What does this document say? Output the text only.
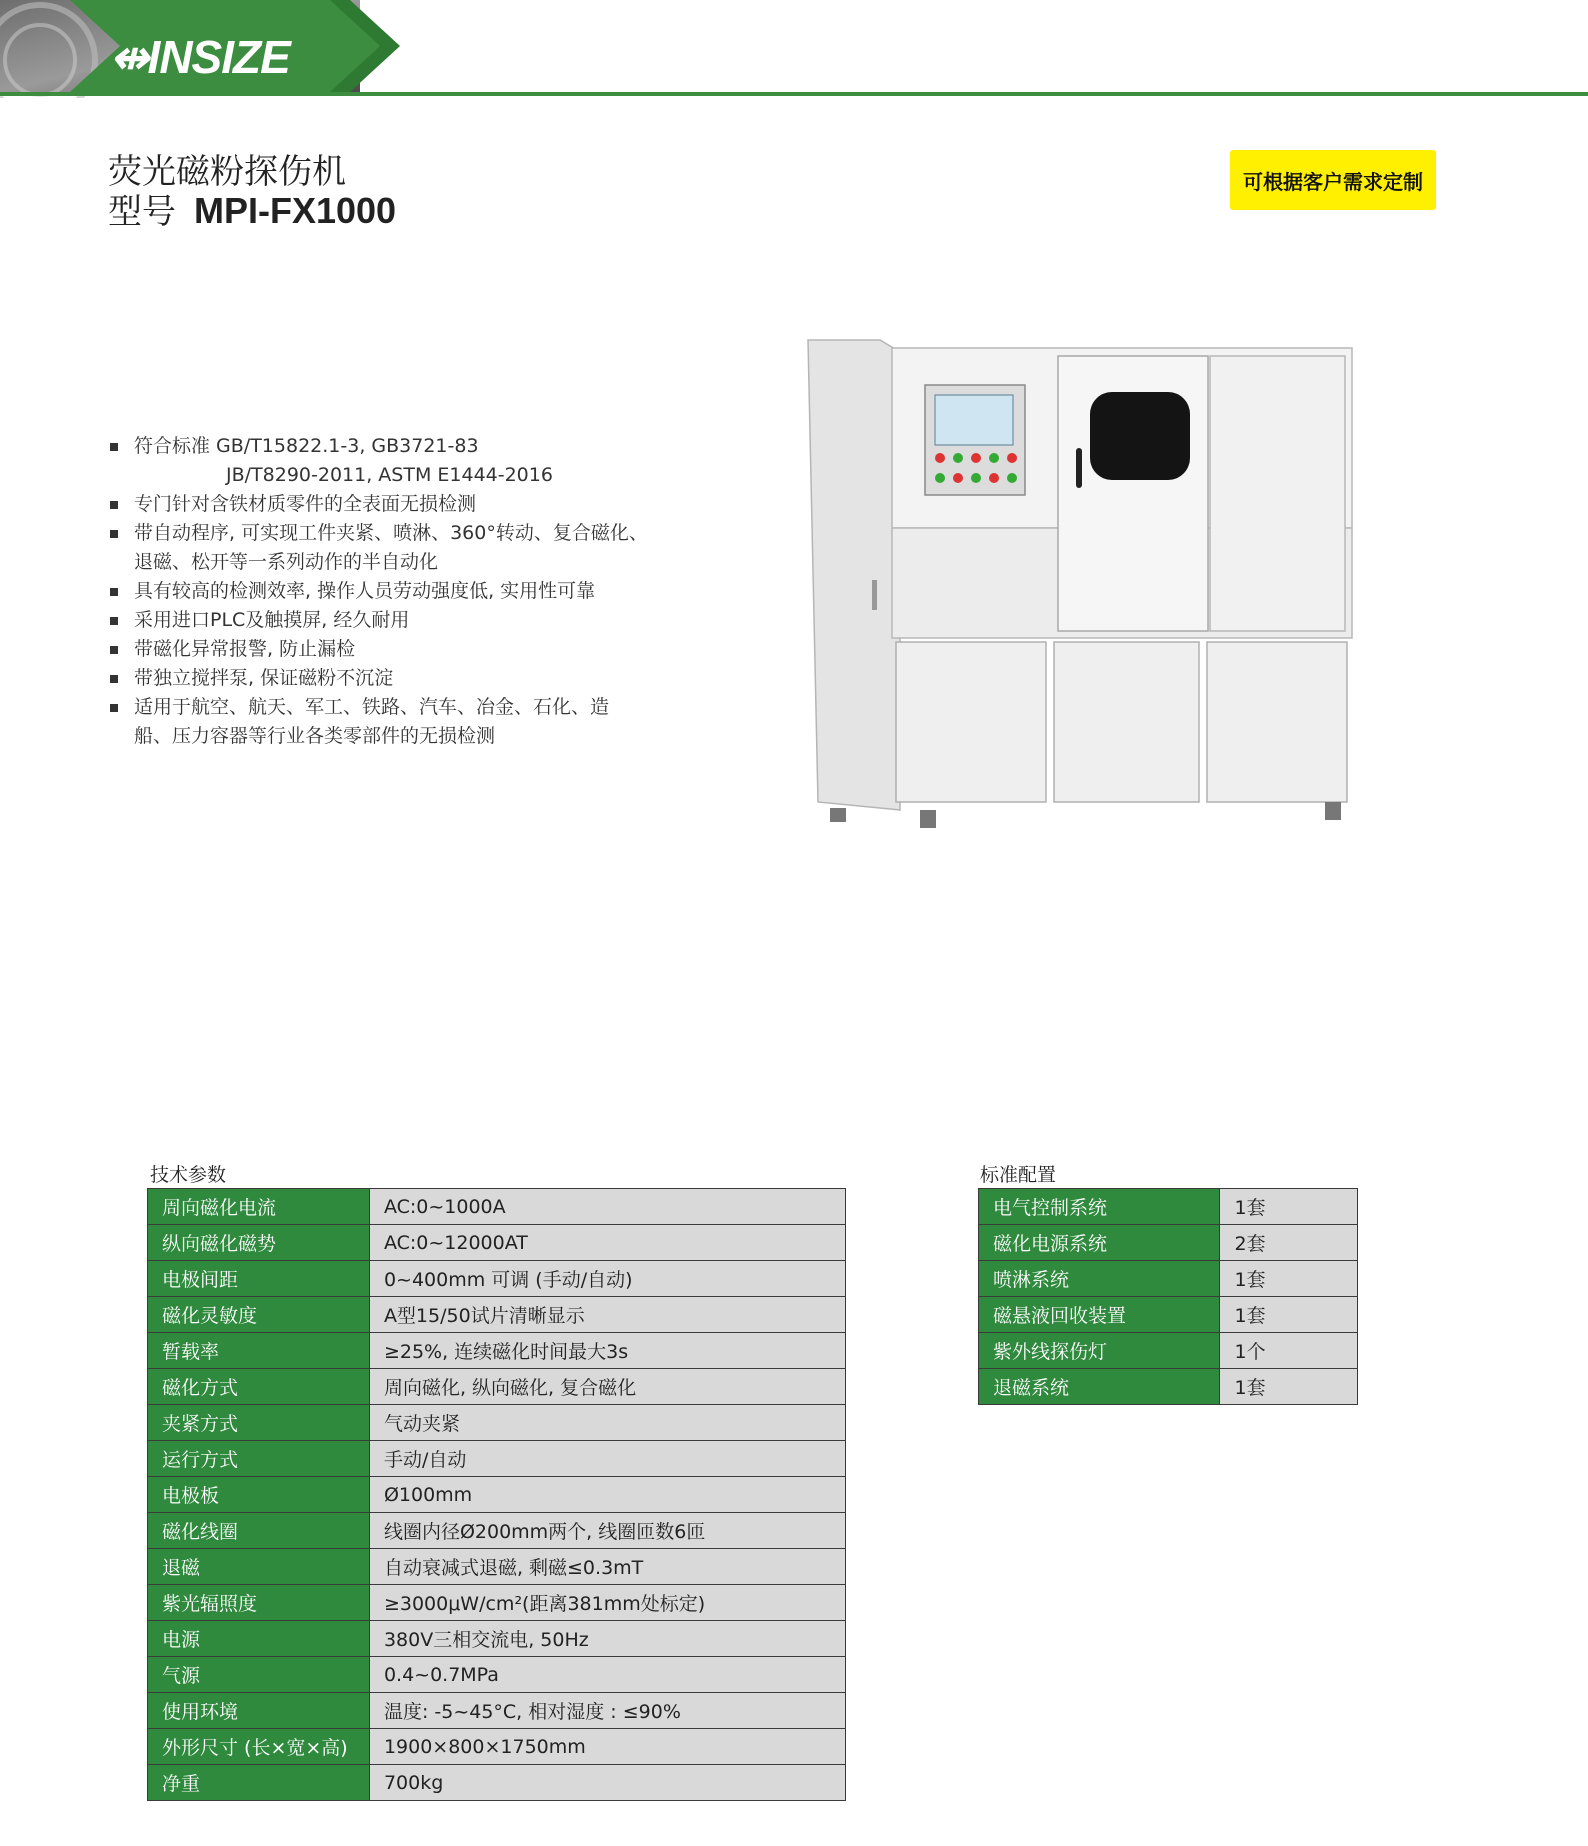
⇹INSIZE
荧光磁粉探伤机
型号 MPI-FX1000
可根据客户需求定制
符合标准 GB/T15822.1-3, GB3721-83
JB/T8290-2011, ASTM E1444-2016
专门针对含铁材质零件的全表面无损检测
带自动程序, 可实现工件夹紧、喷淋、360°转动、复合磁化、
退磁、松开等一系列动作的半自动化
具有较高的检测效率, 操作人员劳动强度低, 实用性可靠
采用进口PLC及触摸屏, 经久耐用
带磁化异常报警, 防止漏检
带独立搅拌泵, 保证磁粉不沉淀
适用于航空、航天、军工、铁路、汽车、冶金、石化、造
船、压力容器等行业各类零部件的无损检测
技术参数
周向磁化电流	AC:0~1000A
纵向磁化磁势	AC:0~12000AT
电极间距	0~400mm 可调 (手动/自动)
磁化灵敏度	A型15/50试片清晰显示
暂载率	≥25%, 连续磁化时间最大3s
磁化方式	周向磁化, 纵向磁化, 复合磁化
夹紧方式	气动夹紧
运行方式	手动/自动
电极板	Ø100mm
磁化线圈	线圈内径Ø200mm两个, 线圈匝数6匝
退磁	自动衰减式退磁, 剩磁≤0.3mT
紫光辐照度	≥3000μW/cm²(距离381mm处标定)
电源	380V三相交流电, 50Hz
气源	0.4~0.7MPa
使用环境	温度: -5~45°C, 相对湿度 : ≤90%
外形尺寸 (长×宽×高)	1900×800×1750mm
净重	700kg
标准配置
电气控制系统	1套
磁化电源系统	2套
喷淋系统	1套
磁悬液回收装置	1套
紫外线探伤灯	1个
退磁系统	1套
